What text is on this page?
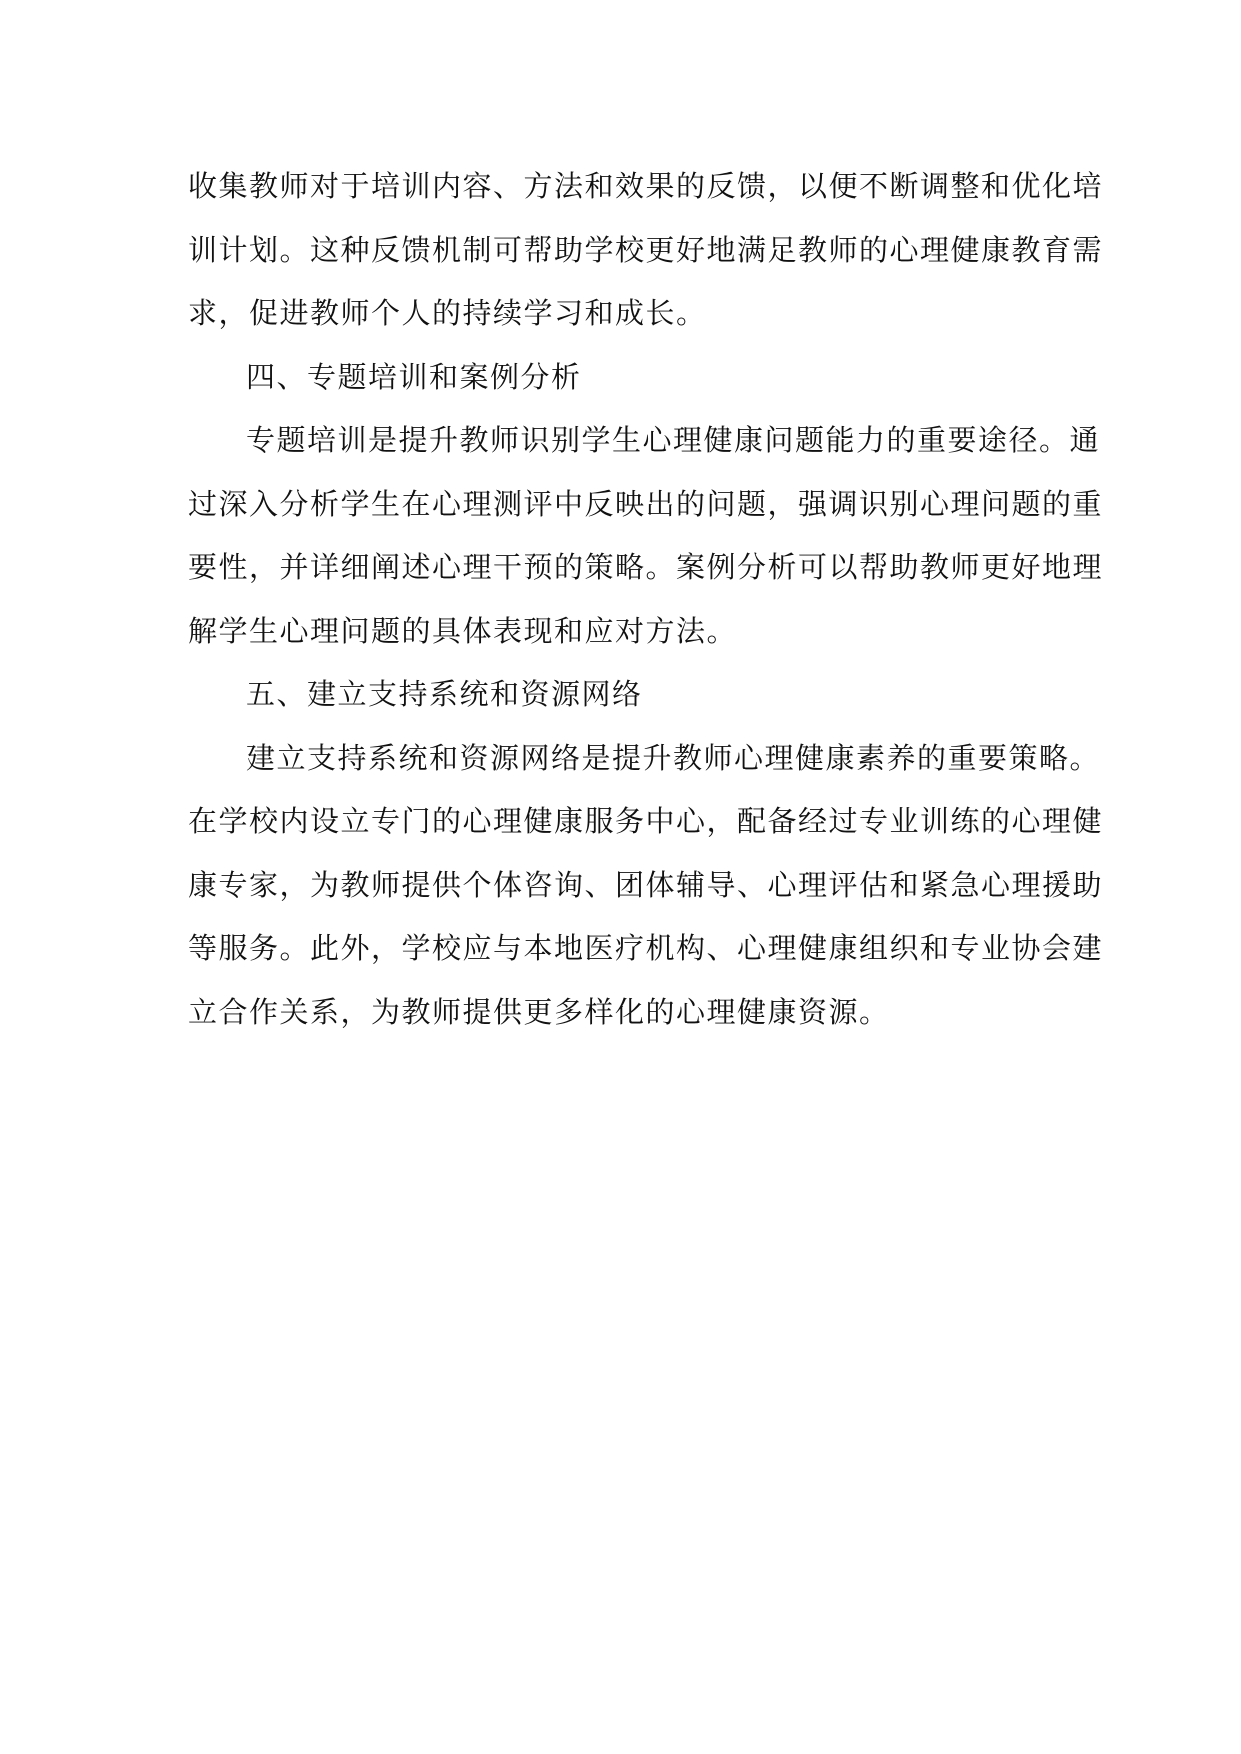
收集教师对于培训内容、方法和效果的反馈，以便不断调整和优化培
训计划。这种反馈机制可帮助学校更好地满足教师的心理健康教育需
求，促进教师个人的持续学习和成长。
四、专题培训和案例分析
专题培训是提升教师识别学生心理健康问题能力的重要途径。通
过深入分析学生在心理测评中反映出的问题，强调识别心理问题的重
要性，并详细阐述心理干预的策略。案例分析可以帮助教师更好地理
解学生心理问题的具体表现和应对方法。
五、建立支持系统和资源网络
建立支持系统和资源网络是提升教师心理健康素养的重要策略。
在学校内设立专门的心理健康服务中心，配备经过专业训练的心理健
康专家，为教师提供个体咨询、团体辅导、心理评估和紧急心理援助
等服务。此外，学校应与本地医疗机构、心理健康组织和专业协会建
立合作关系，为教师提供更多样化的心理健康资源。
